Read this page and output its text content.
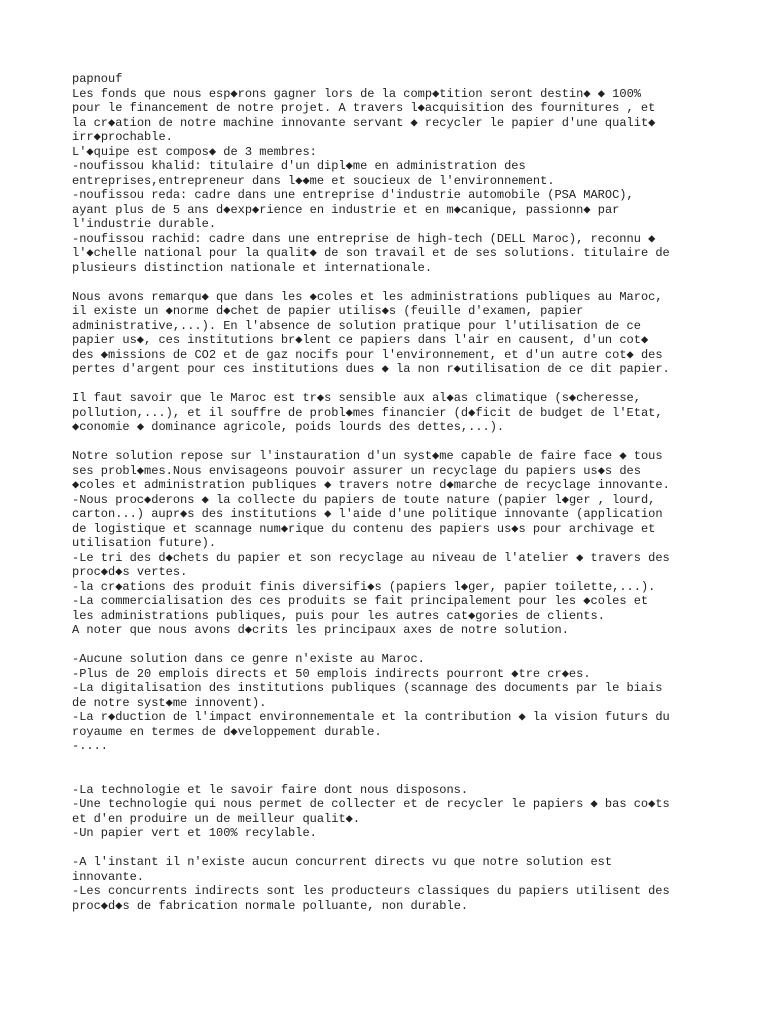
papnouf
Les fonds que nous esp◆rons gagner lors de la comp◆tition seront destin◆ ◆ 100%
pour le financement de notre projet. A travers l◆acquisition des fournitures , et
la cr◆ation de notre machine innovante servant ◆ recycler le papier d'une qualit◆
irr◆prochable.
L'◆quipe est compos◆ de 3 membres:
-noufissou khalid: titulaire d'un dipl◆me en administration des
entreprises,entrepreneur dans l◆◆me et soucieux de l'environnement.
-noufissou reda: cadre dans une entreprise d'industrie automobile (PSA MAROC),
ayant plus de 5 ans d◆exp◆rience en industrie et en m◆canique, passionn◆ par
l'industrie durable.
-noufissou rachid: cadre dans une entreprise de high-tech (DELL Maroc), reconnu ◆
l'◆chelle national pour la qualit◆ de son travail et de ses solutions. titulaire de
plusieurs distinction nationale et internationale.
Nous avons remarqu◆ que dans les ◆coles et les administrations publiques au Maroc,
il existe un ◆norme d◆chet de papier utilis◆s (feuille d'examen, papier
administrative,...). En l'absence de solution pratique pour l'utilisation de ce
papier us◆, ces institutions br◆lent ce papiers dans l'air en causent, d'un cot◆
des ◆missions de CO2 et de gaz nocifs pour l'environnement, et d'un autre cot◆ des
pertes d'argent pour ces institutions dues ◆ la non r◆utilisation de ce dit papier.
Il faut savoir que le Maroc est tr◆s sensible aux al◆as climatique (s◆cheresse,
pollution,...), et il souffre de probl◆mes financier (d◆ficit de budget de l'Etat,
◆conomie ◆ dominance agricole, poids lourds des dettes,...).
Notre solution repose sur l'instauration d'un syst◆me capable de faire face ◆ tous
ses probl◆mes.Nous envisageons pouvoir assurer un recyclage du papiers us◆s des
◆coles et administration publiques ◆ travers notre d◆marche de recyclage innovante.
-Nous proc◆derons ◆ la collecte du papiers de toute nature (papier l◆ger , lourd,
carton...) aupr◆s des institutions ◆ l'aide d'une politique innovante (application
de logistique et scannage num◆rique du contenu des papiers us◆s pour archivage et
utilisation future).
-Le tri des d◆chets du papier et son recyclage au niveau de l'atelier ◆ travers des
proc◆d◆s vertes.
-la cr◆ations des produit finis diversifi◆s (papiers l◆ger, papier toilette,...).
-La commercialisation des ces produits se fait principalement pour les ◆coles et
les administrations publiques, puis pour les autres cat◆gories de clients.
A noter que nous avons d◆crits les principaux axes de notre solution.
-Aucune solution dans ce genre n'existe au Maroc.
-Plus de 20 emplois directs et 50 emplois indirects pourront ◆tre cr◆es.
-La digitalisation des institutions publiques (scannage des documents par le biais
de notre syst◆me innovent).
-La r◆duction de l'impact environnementale et la contribution ◆ la vision futurs du
royaume en termes de d◆veloppement durable.
-....
-La technologie et le savoir faire dont nous disposons.
-Une technologie qui nous permet de collecter et de recycler le papiers ◆ bas co◆ts
et d'en produire un de meilleur qualit◆.
-Un papier vert et 100% recylable.
-A l'instant il n'existe aucun concurrent directs vu que notre solution est
innovante.
-Les concurrents indirects sont les producteurs classiques du papiers utilisent des
proc◆d◆s de fabrication normale polluante, non durable.
